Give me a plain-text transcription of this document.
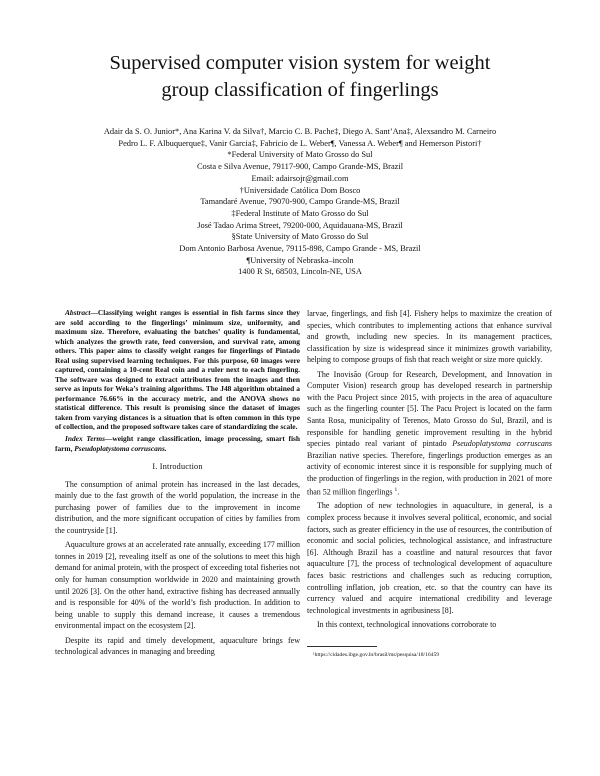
Supervised computer vision system for weight
group classification of fingerlings
Adair da S. O. Junior*, Ana Karina V. da Silva†, Marcio C. B. Pache‡, Diego A. Sant’Ana‡, Alexsandro M. Carneiro
Pedro L. F. Albuquerque‡, Vanir Garcia‡, Fabricio de L. Weber¶, Vanessa A. Weber¶ and Hemerson Pistori†
*Federal University of Mato Grosso do Sul
Costa e Silva Avenue, 79117-900, Campo Grande-MS, Brazil
Email: adairsojr@gmail.com
†Universidade Católica Dom Bosco
Tamandaré Avenue, 79070-900, Campo Grande-MS, Brazil
‡Federal Institute of Mato Grosso do Sul
José Tadao Arima Street, 79200-000, Aquidauana-MS, Brazil
§State University of Mato Grosso do Sul
Dom Antonio Barbosa Avenue, 79115-898, Campo Grande - MS, Brazil
¶University of Nebraska–incoln
1400 R St, 68503, Lincoln-NE, USA

Abstract—Classifying weight ranges is essential in fish farms since they are sold according to the fingerlings’ minimum size, uniformity, and maximum size. Therefore, evaluating the batches’ quality is fundamental, which analyzes the growth rate, feed conversion, and survival rate, among others. This paper aims to classify weight ranges for fingerlings of Pintado Real using supervised learning techniques. For this purpose, 60 images were captured, containing a 10-cent Real coin and a ruler next to each fingerling. The software was designed to extract attributes from the images and then serve as inputs for Weka’s training algorithms. The J48 algorithm obtained a performance 76.66% in the accuracy metric, and the ANOVA shows no statistical difference. This result is promising since the dataset of images taken from varying distances is a situation that is often common in this type of collection, and the proposed software takes care of standardizing the scale.

Index Terms—weight range classification, image processing, smart fish farm, Pseudoplatystoma corruscans.

I. Introduction

The consumption of animal protein has increased in the last decades, mainly due to the fast growth of the world population, the increase in the purchasing power of families due to the improvement in income distribution, and the more significant occupation of cities by families from the countryside [1].

Aquaculture grows at an accelerated rate annually, exceeding 177 million tonnes in 2019 [2], revealing itself as one of the solutions to meet this high demand for animal protein, with the prospect of exceeding total fisheries not only for human consumption worldwide in 2020 and maintaining growth until 2026 [3]. On the other hand, extractive fishing has decreased annually and is responsible for 40% of the world’s fish production. In addition to being unable to supply this demand increase, it causes a tremendous environmental impact on the ecosystem [2].

Despite its rapid and timely development, aquaculture brings few technological advances in managing and breeding

larvae, fingerlings, and fish [4]. Fishery helps to maximize the creation of species, which contributes to implementing actions that enhance survival and growth, including new species. In its management practices, classification by size is widespread since it minimizes growth variability, helping to compose groups of fish that reach weight or size more quickly.

The Inovisão (Group for Research, Development, and Innovation in Computer Vision) research group has developed research in partnership with the Pacu Project since 2015, with projects in the area of aquaculture such as the fingerling counter [5]. The Pacu Project is located on the farm Santa Rosa, municipality of Terenos, Mato Grosso do Sul, Brazil, and is responsible for handling genetic improvement resulting in the hybrid species pintado real variant of pintado Pseudoplatystoma corruscans Brazilian native species. Therefore, fingerlings production emerges as an activity of economic interest since it is responsible for supplying much of the production of fingerlings in the region, with production in 2021 of more than 52 million fingerlings $^1$.

The adoption of new technologies in aquaculture, in general, is a complex process because it involves several political, economic, and social factors, such as greater efficiency in the use of resources, the contribution of economic and social policies, technological assistance, and infrastructure [6]. Although Brazil has a coastline and natural resources that favor aquaculture [7], the process of technological development of aquaculture faces basic restrictions and challenges such as reducing corruption, controlling inflation, job creation, etc. so that the country can have its currency valued and acquire international credibility and leverage technological investments in agribusiness [8].

In this context, technological innovations corroborate to

¹https://cidades.ibge.gov.br/brasil/ms/pesquisa/18/16459
